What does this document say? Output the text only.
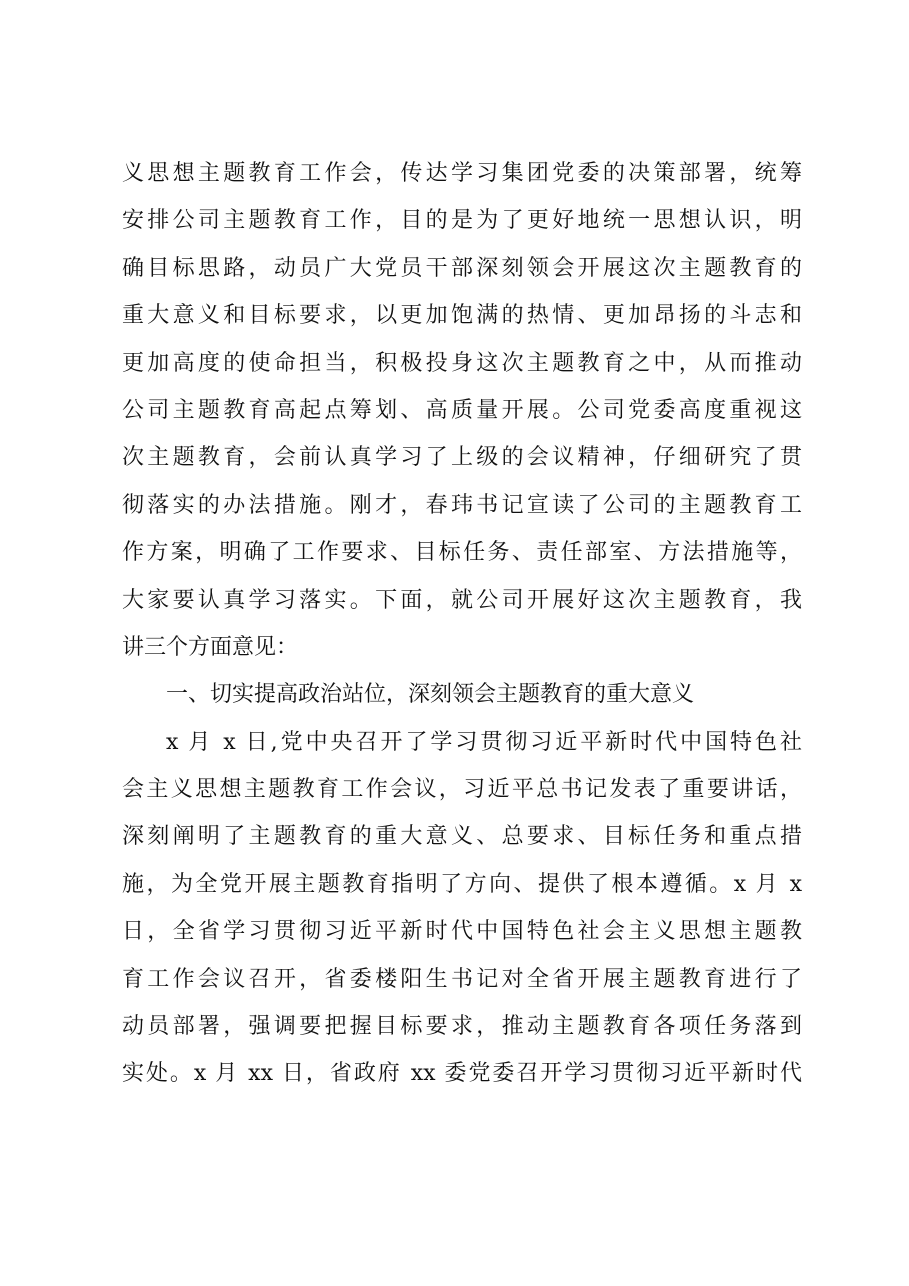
义思想主题教育工作会，传达学习集团党委的决策部署，统筹
安排公司主题教育工作，目的是为了更好地统一思想认识，明
确目标思路，动员广大党员干部深刻领会开展这次主题教育的
重大意义和目标要求，以更加饱满的热情、更加昂扬的斗志和
更加高度的使命担当，积极投身这次主题教育之中，从而推动
公司主题教育高起点筹划、高质量开展。公司党委高度重视这
次主题教育，会前认真学习了上级的会议精神，仔细研究了贯
彻落实的办法措施。刚才，春玮书记宣读了公司的主题教育工
作方案，明确了工作要求、目标任务、责任部室、方法措施等，
大家要认真学习落实。下面，就公司开展好这次主题教育，我
讲三个方面意见：
一、切实提高政治站位，深刻领会主题教育的重大意义
x 月 x 日,党中央召开了学习贯彻习近平新时代中国特色社
会主义思想主题教育工作会议，习近平总书记发表了重要讲话，
深刻阐明了主题教育的重大意义、总要求、目标任务和重点措
施，为全党开展主题教育指明了方向、提供了根本遵循。x 月 x
日，全省学习贯彻习近平新时代中国特色社会主义思想主题教
育工作会议召开，省委楼阳生书记对全省开展主题教育进行了
动员部署，强调要把握目标要求，推动主题教育各项任务落到
实处。x 月 xx 日，省政府 xx 委党委召开学习贯彻习近平新时代
